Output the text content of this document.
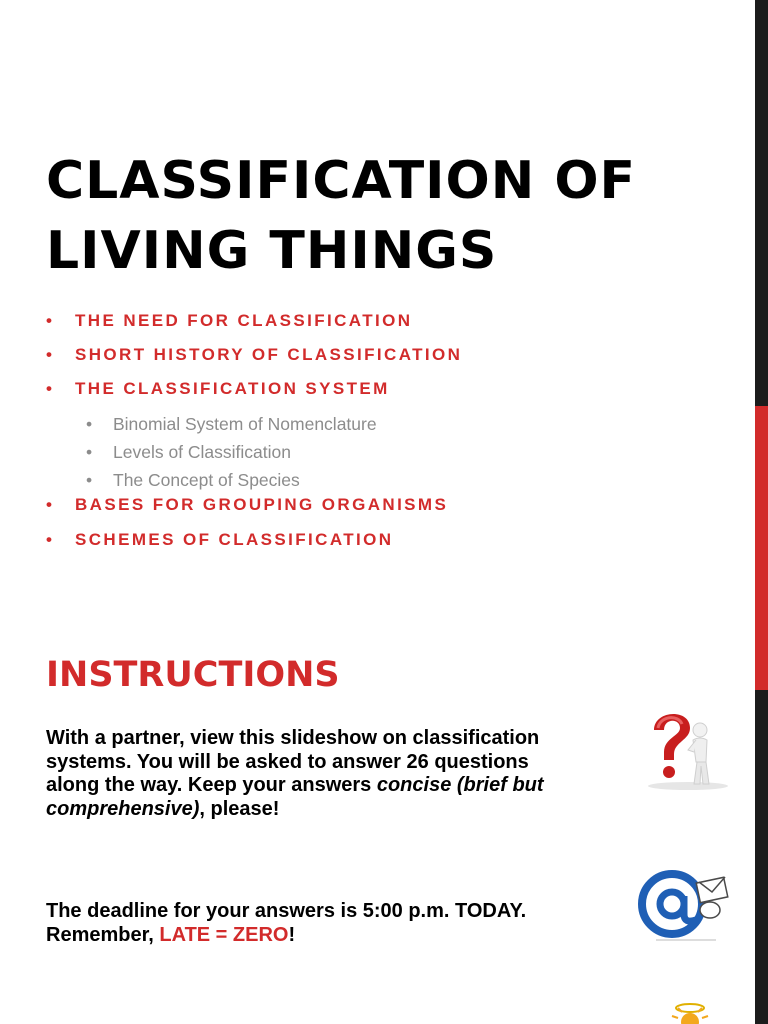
CLASSIFICATION OF
LIVING THINGS
• THE NEED FOR CLASSIFICATION
• SHORT HISTORY OF CLASSIFICATION
• THE CLASSIFICATION SYSTEM
• Binomial System of Nomenclature
• Levels of Classification
• The Concept of Species
• BASES FOR GROUPING ORGANISMS
• SCHEMES OF CLASSIFICATION
INSTRUCTIONS

With a partner, view this slideshow on classification
systems. You will be asked to answer 26 questions
along the way. Keep your answers concise (brief but
comprehensive), please!

The deadline for your answers is 5:00 p.m. TODAY.
Remember, LATE = ZERO!
